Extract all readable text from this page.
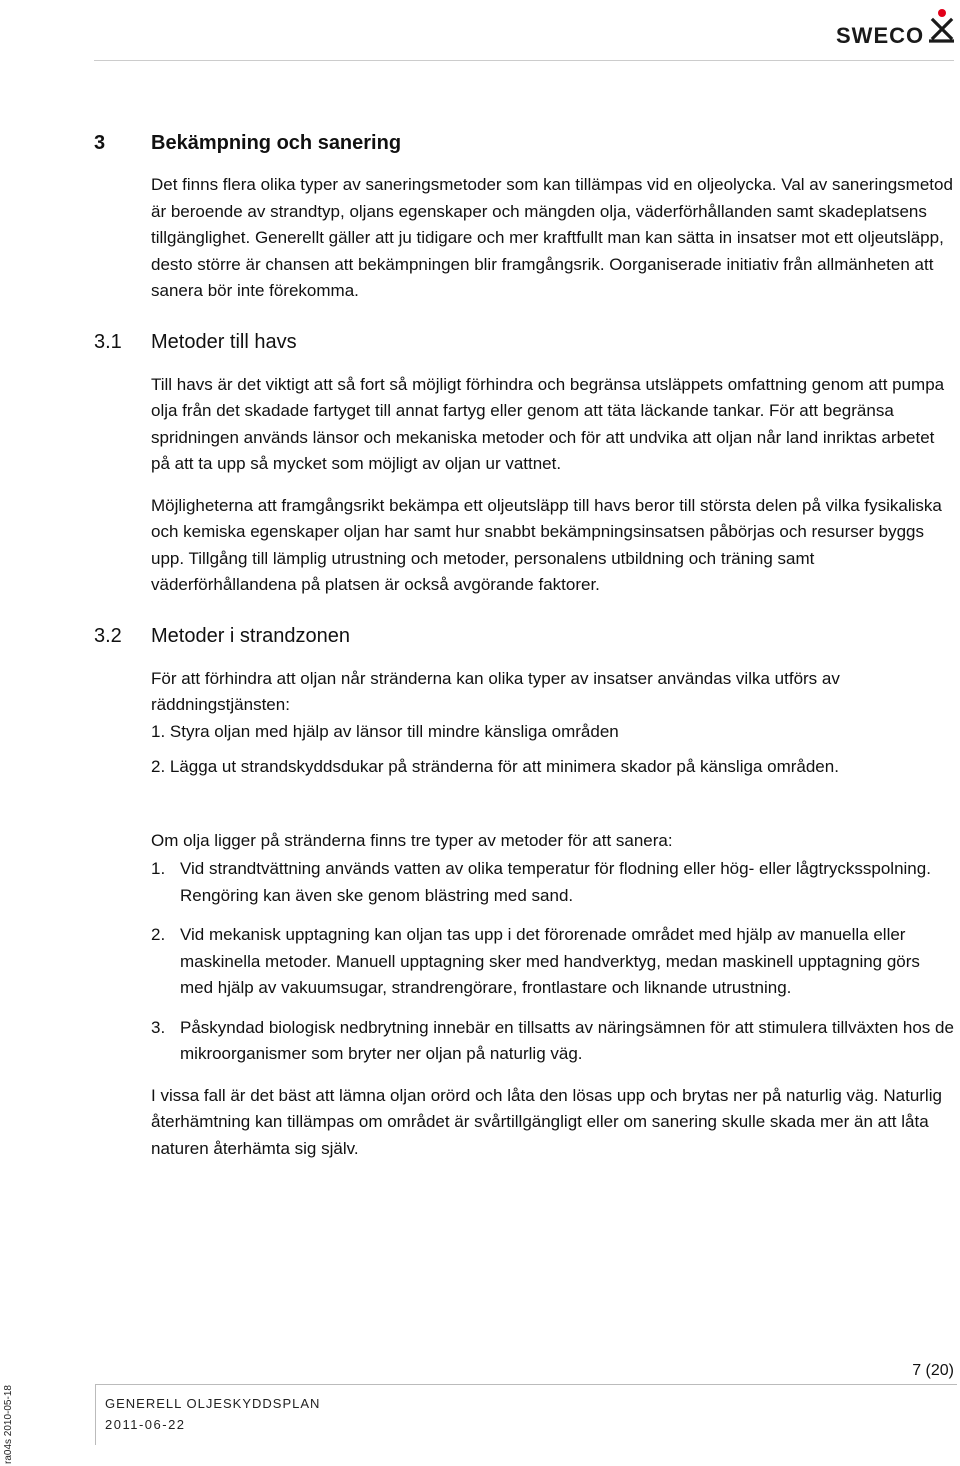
SWECO
3	Bekämpning och sanering

Det finns flera olika typer av saneringsmetoder som kan tillämpas vid en oljeolycka. Val av saneringsmetod är beroende av strandtyp, oljans egenskaper och mängden olja, väderförhållanden samt skadeplatsens tillgänglighet. Generellt gäller att ju tidigare och mer kraftfullt man kan sätta in insatser mot ett oljeutsläpp, desto större är chansen att bekämpningen blir framgångsrik. Oorganiserade initiativ från allmänheten att sanera bör inte förekomma.

3.1	Metoder till havs

Till havs är det viktigt att så fort så möjligt förhindra och begränsa utsläppets omfattning genom att pumpa olja från det skadade fartyget till annat fartyg eller genom att täta läckande tankar. För att begränsa spridningen används länsor och mekaniska metoder och för att undvika att oljan når land inriktas arbetet på att ta upp så mycket som möjligt av oljan ur vattnet.

Möjligheterna att framgångsrikt bekämpa ett oljeutsläpp till havs beror till största delen på vilka fysikaliska och kemiska egenskaper oljan har samt hur snabbt bekämpningsinsatsen påbörjas och resurser byggs upp. Tillgång till lämplig utrustning och metoder, personalens utbildning och träning samt väderförhållandena på platsen är också avgörande faktorer.

3.2	Metoder i strandzonen

För att förhindra att oljan når stränderna kan olika typer av insatser användas vilka utförs av räddningstjänsten:

1. Styra oljan med hjälp av länsor till mindre känsliga områden

2. Lägga ut strandskyddsdukar på stränderna för att minimera skador på känsliga områden.

Om olja ligger på stränderna finns tre typer av metoder för att sanera:

1. Vid strandtvättning används vatten av olika temperatur för flodning eller hög- eller lågtrycksspolning. Rengöring kan även ske genom blästring med sand.
2. Vid mekanisk upptagning kan oljan tas upp i det förorenade området med hjälp av manuella eller maskinella metoder. Manuell upptagning sker med handverktyg, medan maskinell upptagning görs med hjälp av vakuumsugar, strandrengörare, frontlastare och liknande utrustning.
3. Påskyndad biologisk nedbrytning innebär en tillsatts av näringsämnen för att stimulera tillväxten hos de mikroorganismer som bryter ner oljan på naturlig väg.

I vissa fall är det bäst att lämna oljan orörd och låta den lösas upp och brytas ner på naturlig väg. Naturlig återhämtning kan tillämpas om området är svårtillgängligt eller om sanering skulle skada mer än att låta naturen återhämta sig själv.

7 (20)
GENERELL OLJESKYDDSPLAN
2011-06-22
ra04s 2010-05-18
